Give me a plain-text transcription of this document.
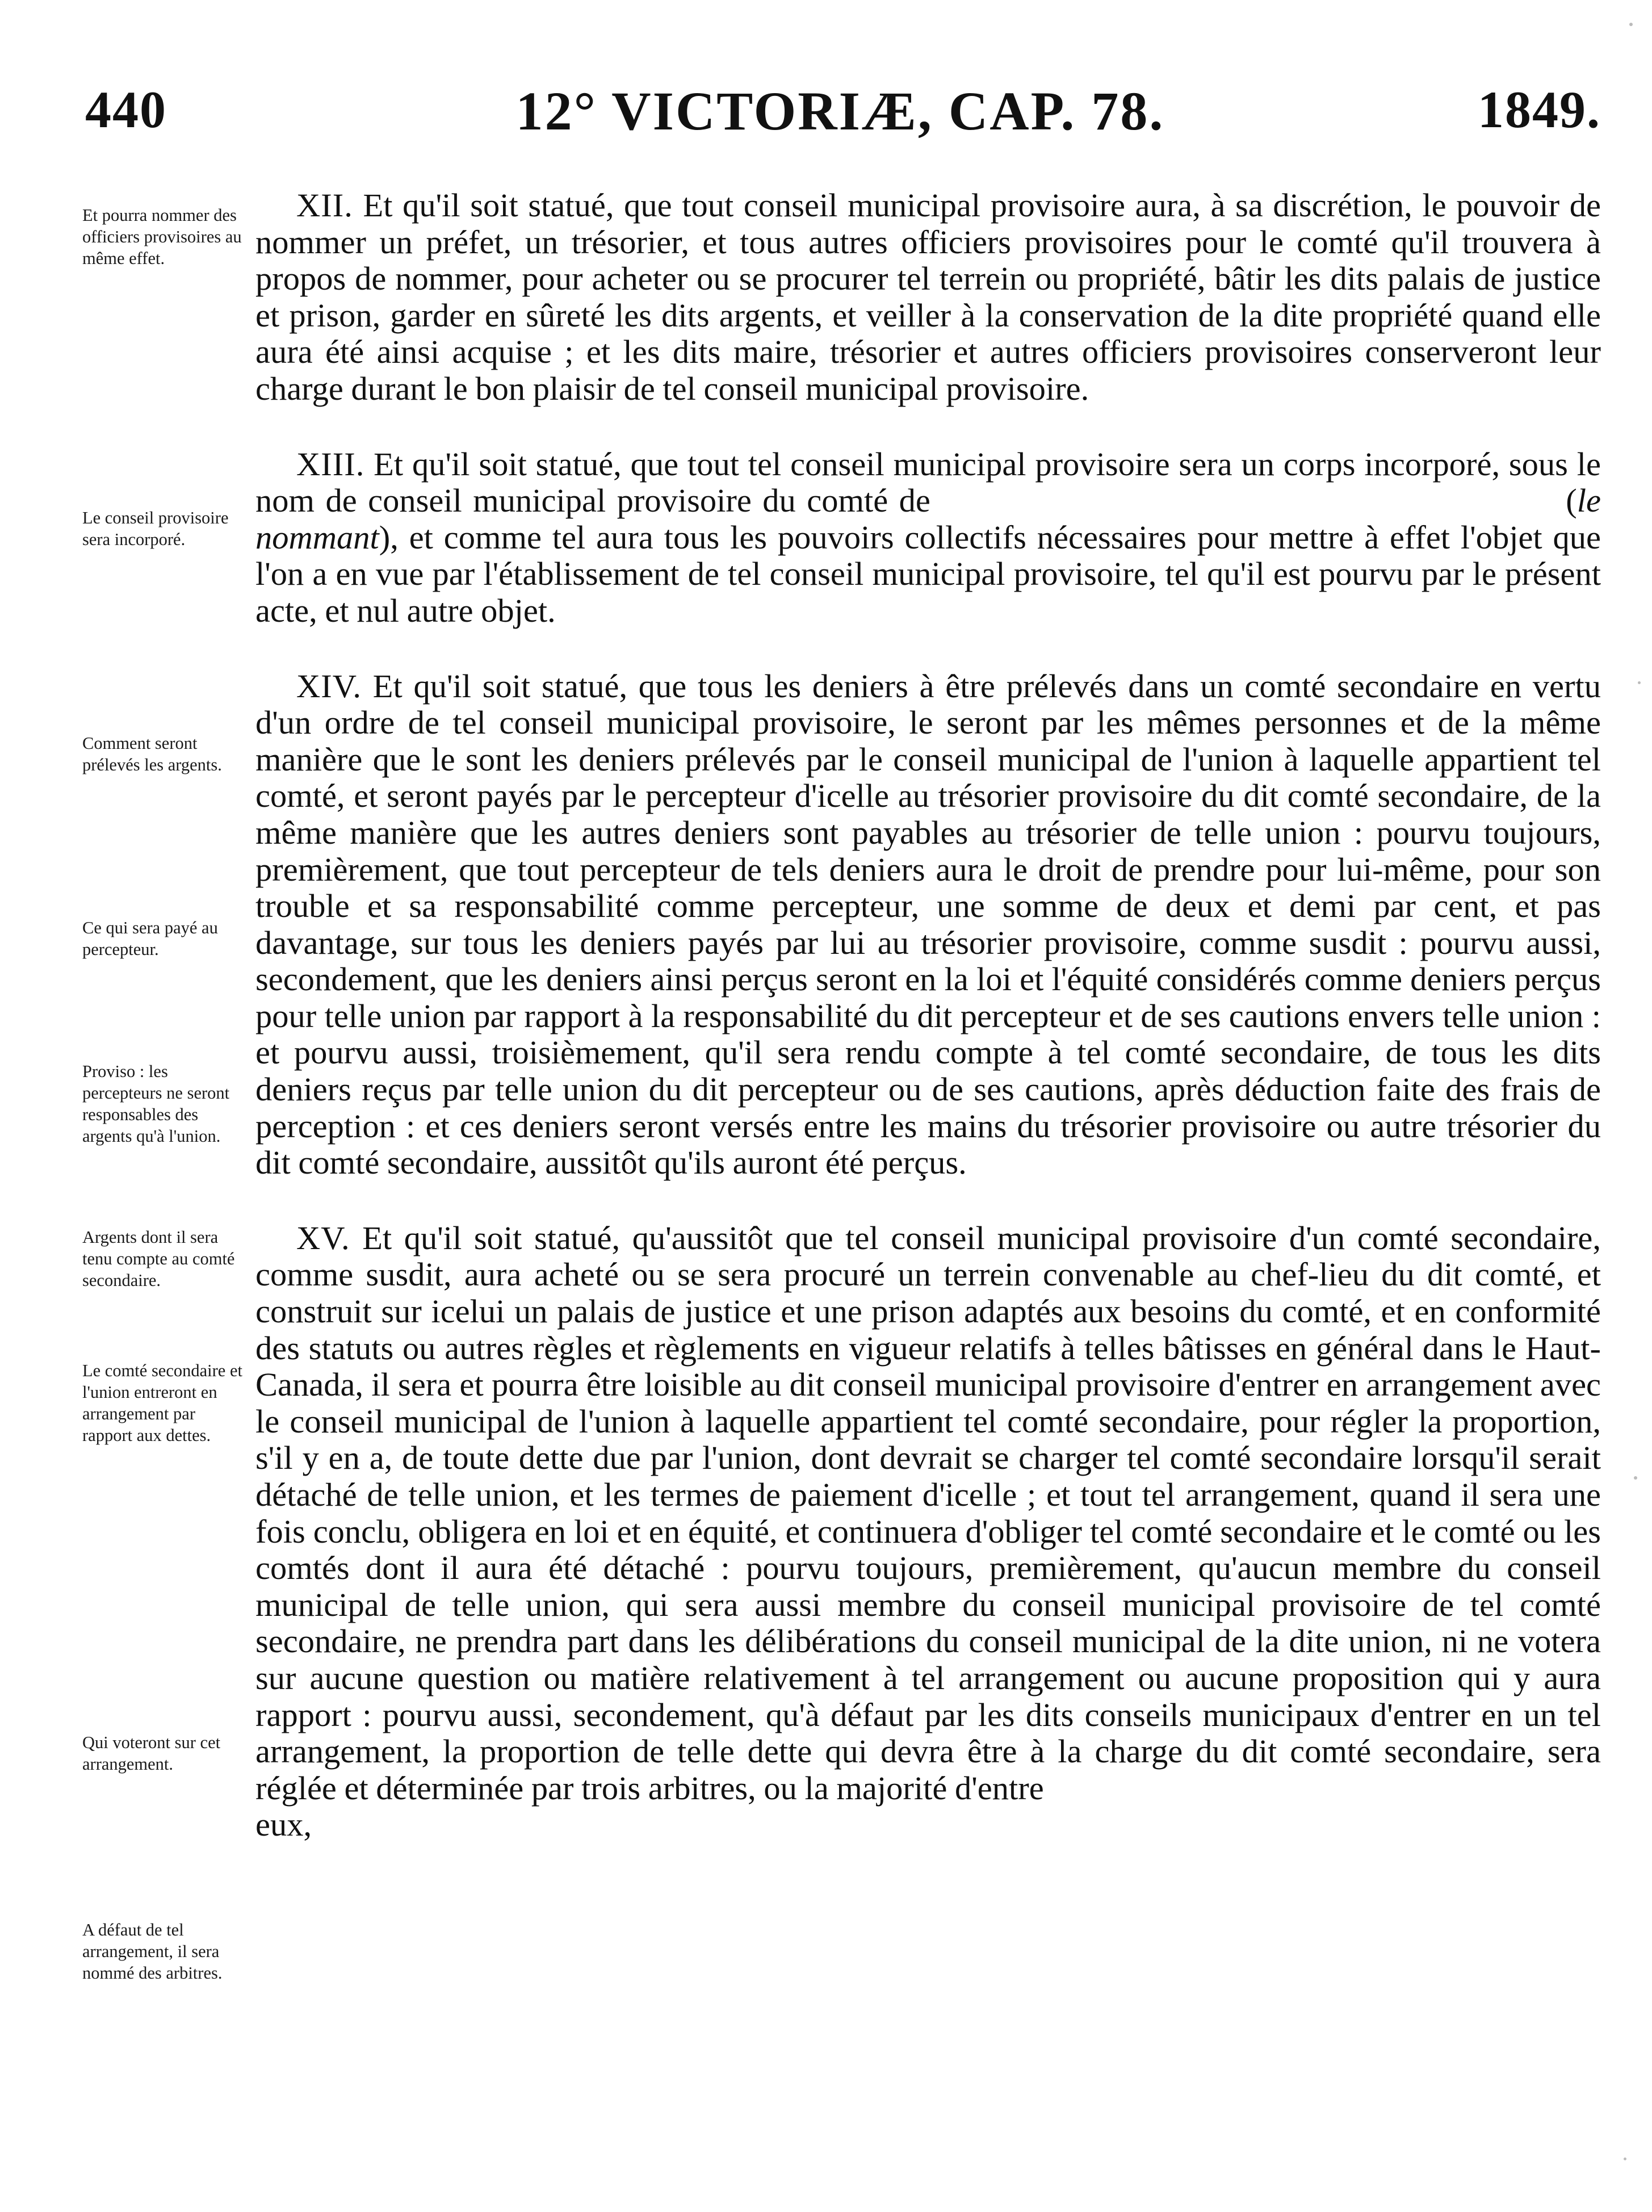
440	12° VICTORIÆ, CAP. 78.	1849.
Et pourra nommer des officiers provisoires au même effet.
Le conseil provisoire sera incorporé.
Comment seront prélevés les argents.
Ce qui sera payé au percepteur.
Proviso : les percepteurs ne seront responsables des argents qu'à l'union.
Argents dont il sera tenu compte au comté secondaire.
Le comté secondaire et l'union entreront en arrangement par rapport aux dettes.
Qui voteront sur cet arrangement.
A défaut de tel arrangement, il sera nommé des arbitres.

XII. Et qu'il soit statué, que tout conseil municipal provisoire aura, à sa discrétion, le pouvoir de nommer un préfet, un trésorier, et tous autres officiers provisoires pour le comté qu'il trouvera à propos de nommer, pour acheter ou se procurer tel terrein ou propriété, bâtir les dits palais de justice et prison, garder en sûreté les dits argents, et veiller à la conservation de la dite propriété quand elle aura été ainsi acquise ; et les dits maire, trésorier et autres officiers provisoires conserveront leur charge durant le bon plaisir de tel conseil municipal provisoire.

XIII. Et qu'il soit statué, que tout tel conseil municipal provisoire sera un corps incorporé, sous le nom de conseil municipal provisoire du comté de	(le nommant), et comme tel aura tous les pouvoirs collectifs nécessaires pour mettre à effet l'objet que l'on a en vue par l'établissement de tel conseil municipal provisoire, tel qu'il est pourvu par le présent acte, et nul autre objet.

XIV. Et qu'il soit statué, que tous les deniers à être prélevés dans un comté secondaire en vertu d'un ordre de tel conseil municipal provisoire, le seront par les mêmes personnes et de la même manière que le sont les deniers prélevés par le conseil municipal de l'union à laquelle appartient tel comté, et seront payés par le percepteur d'icelle au trésorier provisoire du dit comté secondaire, de la même manière que les autres deniers sont payables au trésorier de telle union : pourvu toujours, premièrement, que tout percepteur de tels deniers aura le droit de prendre pour lui-même, pour son trouble et sa responsabilité comme percepteur, une somme de deux et demi par cent, et pas davantage, sur tous les deniers payés par lui au trésorier provisoire, comme susdit : pourvu aussi, secondement, que les deniers ainsi perçus seront en la loi et l'équité considérés comme deniers perçus pour telle union par rapport à la responsabilité du dit percepteur et de ses cautions envers telle union : et pourvu aussi, troisièmement, qu'il sera rendu compte à tel comté secondaire, de tous les dits deniers reçus par telle union du dit percepteur ou de ses cautions, après déduction faite des frais de perception : et ces deniers seront versés entre les mains du trésorier provisoire ou autre trésorier du dit comté secondaire, aussitôt qu'ils auront été perçus.

XV. Et qu'il soit statué, qu'aussitôt que tel conseil municipal provisoire d'un comté secondaire, comme susdit, aura acheté ou se sera procuré un terrein convenable au chef-lieu du dit comté, et construit sur icelui un palais de justice et une prison adaptés aux besoins du comté, et en conformité des statuts ou autres règles et règlements en vigueur relatifs à telles bâtisses en général dans le Haut-Canada, il sera et pourra être loisible au dit conseil municipal provisoire d'entrer en arrangement avec le conseil municipal de l'union à laquelle appartient tel comté secondaire, pour régler la proportion, s'il y en a, de toute dette due par l'union, dont devrait se charger tel comté secondaire lorsqu'il serait détaché de telle union, et les termes de paiement d'icelle ; et tout tel arrangement, quand il sera une fois conclu, obligera en loi et en équité, et continuera d'obliger tel comté secondaire et le comté ou les comtés dont il aura été détaché : pourvu toujours, premièrement, qu'aucun membre du conseil municipal de telle union, qui sera aussi membre du conseil municipal provisoire de tel comté secondaire, ne prendra part dans les délibérations du conseil municipal de la dite union, ni ne votera sur aucune question ou matière relativement à tel arrangement ou aucune proposition qui y aura rapport : pourvu aussi, secondement, qu'à défaut par les dits conseils municipaux d'entrer en un tel arrangement, la proportion de telle dette qui devra être à la charge du dit comté secondaire, sera réglée et déterminée par trois arbitres, ou la majorité d'entre
eux,
